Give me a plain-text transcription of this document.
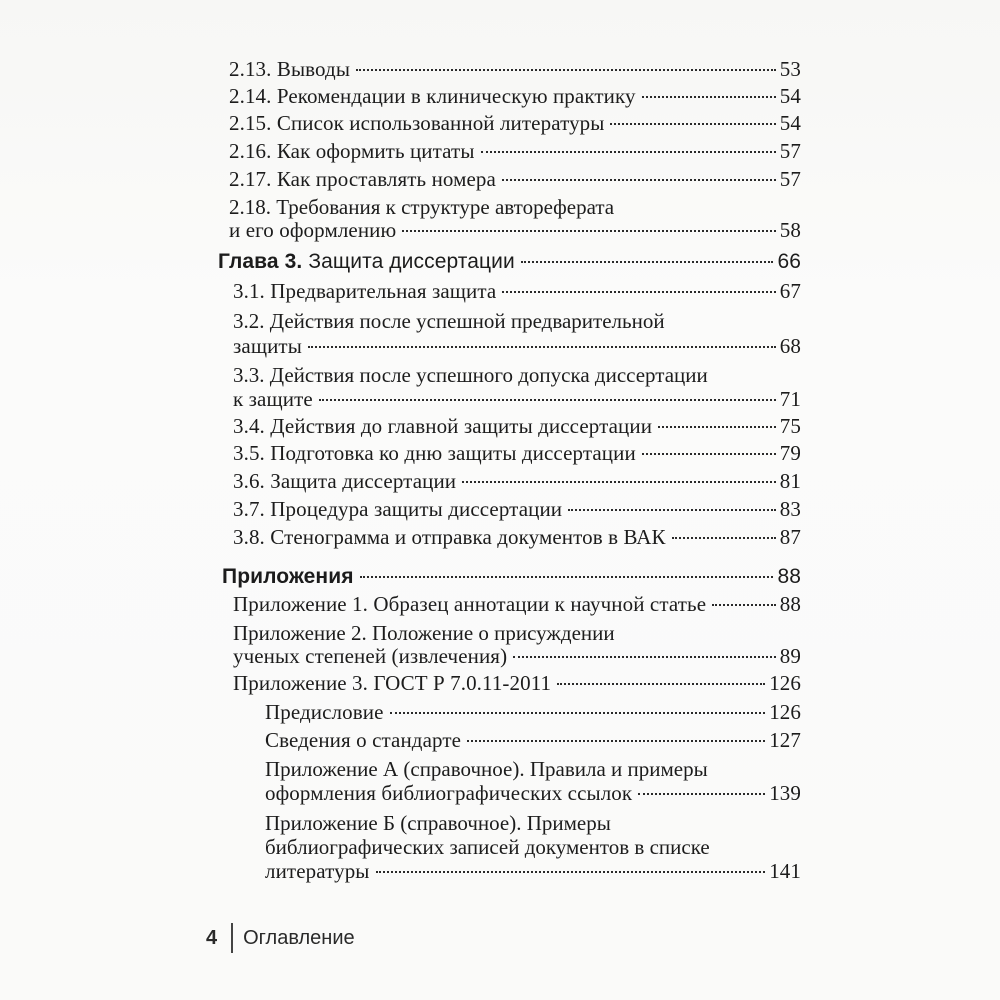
2.13. Выводы	53
2.14. Рекомендации в клиническую практику	54
2.15. Список использованной литературы	54
2.16. Как оформить цитаты	57
2.17. Как проставлять номера	57
2.18. Требования к структуре автореферата
и его оформлению	58
Глава 3. Защита диссертации	66
3.1. Предварительная защита	67
3.2. Действия после успешной предварительной
защиты	68
3.3. Действия после успешного допуска диссертации
к защите	71
3.4. Действия до главной защиты диссертации	75
3.5. Подготовка ко дню защиты диссертации	79
3.6. Защита диссертации	81
3.7. Процедура защиты диссертации	83
3.8. Стенограмма и отправка документов в ВАК	87
Приложения	88
Приложение 1. Образец аннотации к научной статье	88
Приложение 2. Положение о присуждении
ученых степеней (извлечения)	89
Приложение 3. ГОСТ Р 7.0.11-2011	126
Предисловие	126
Сведения о стандарте	127
Приложение А (справочное). Правила и примеры
оформления библиографических ссылок	139
Приложение Б (справочное). Примеры
библиографических записей документов в списке
литературы	141
4 Оглавление
